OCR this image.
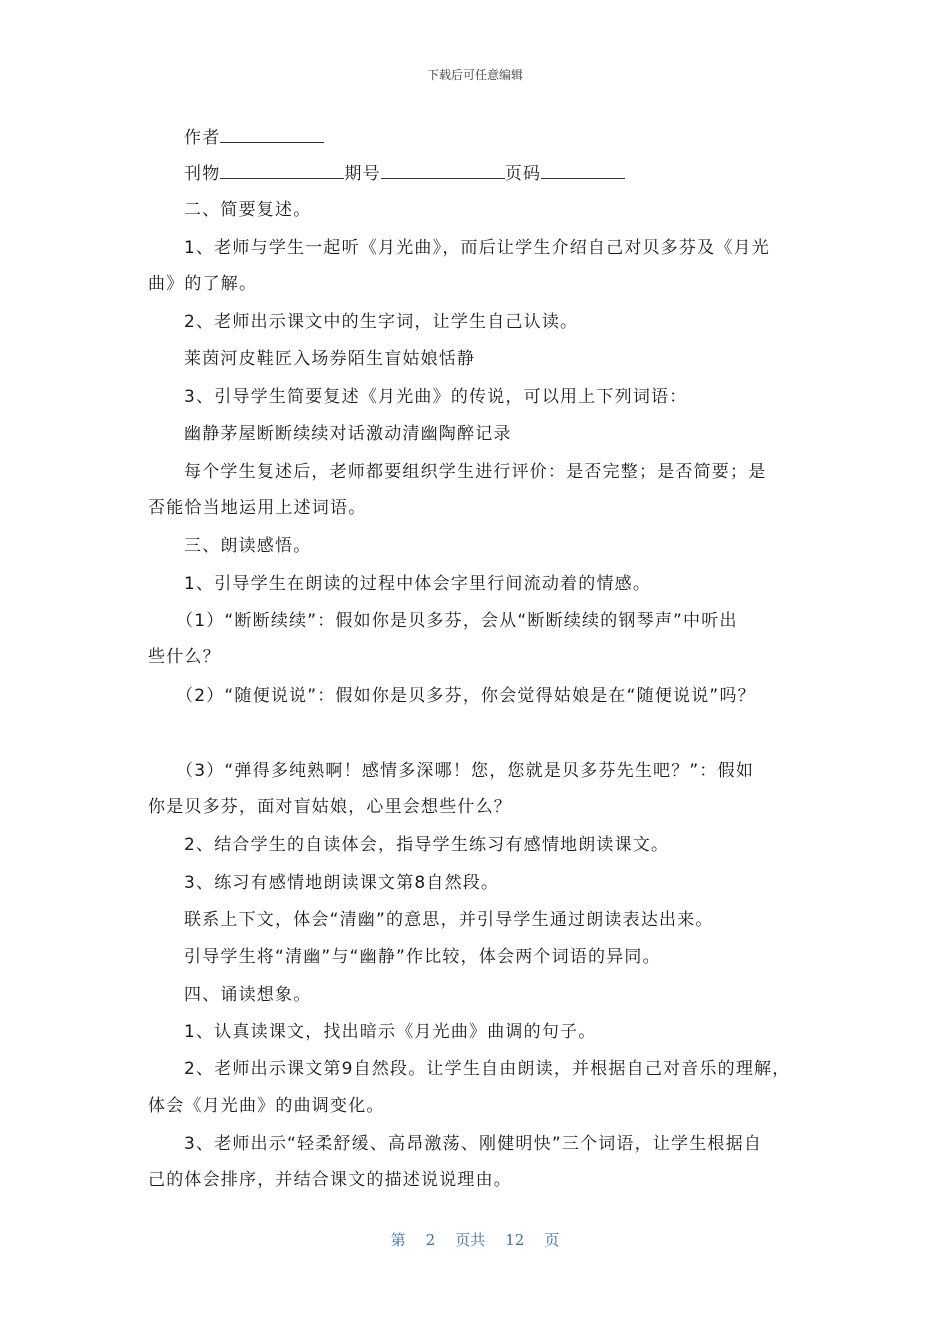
下载后可任意编辑
作者
刊物	期号	页码
二、简要复述。
1、老师与学生一起听《月光曲》，而后让学生介绍自己对贝多芬及《月光
曲》的了解。
2、老师出示课文中的生字词，让学生自己认读。
莱茵河皮鞋匠入场券陌生盲姑娘恬静
3、引导学生简要复述《月光曲》的传说，可以用上下列词语：
幽静茅屋断断续续对话激动清幽陶醉记录
每个学生复述后，老师都要组织学生进行评价：是否完整；是否简要；是
否能恰当地运用上述词语。
三、朗读感悟。
1、引导学生在朗读的过程中体会字里行间流动着的情感。
（1）“断断续续”：假如你是贝多芬，会从“断断续续的钢琴声”中听出
些什么？
（2）“随便说说”：假如你是贝多芬，你会觉得姑娘是在“随便说说”吗？
（3）“弹得多纯熟啊！感情多深哪！您，您就是贝多芬先生吧？”：假如
你是贝多芬，面对盲姑娘，心里会想些什么？
2、结合学生的自读体会，指导学生练习有感情地朗读课文。
3、练习有感情地朗读课文第8自然段。
联系上下文，体会“清幽”的意思，并引导学生通过朗读表达出来。
引导学生将“清幽”与“幽静”作比较，体会两个词语的异同。
四、诵读想象。
1、认真读课文，找出暗示《月光曲》曲调的句子。
2、老师出示课文第9自然段。让学生自由朗读，并根据自己对音乐的理解，
体会《月光曲》的曲调变化。
3、老师出示“轻柔舒缓、高昂激荡、刚健明快”三个词语，让学生根据自
己的体会排序，并结合课文的描述说说理由。
第 2 页共 12 页
